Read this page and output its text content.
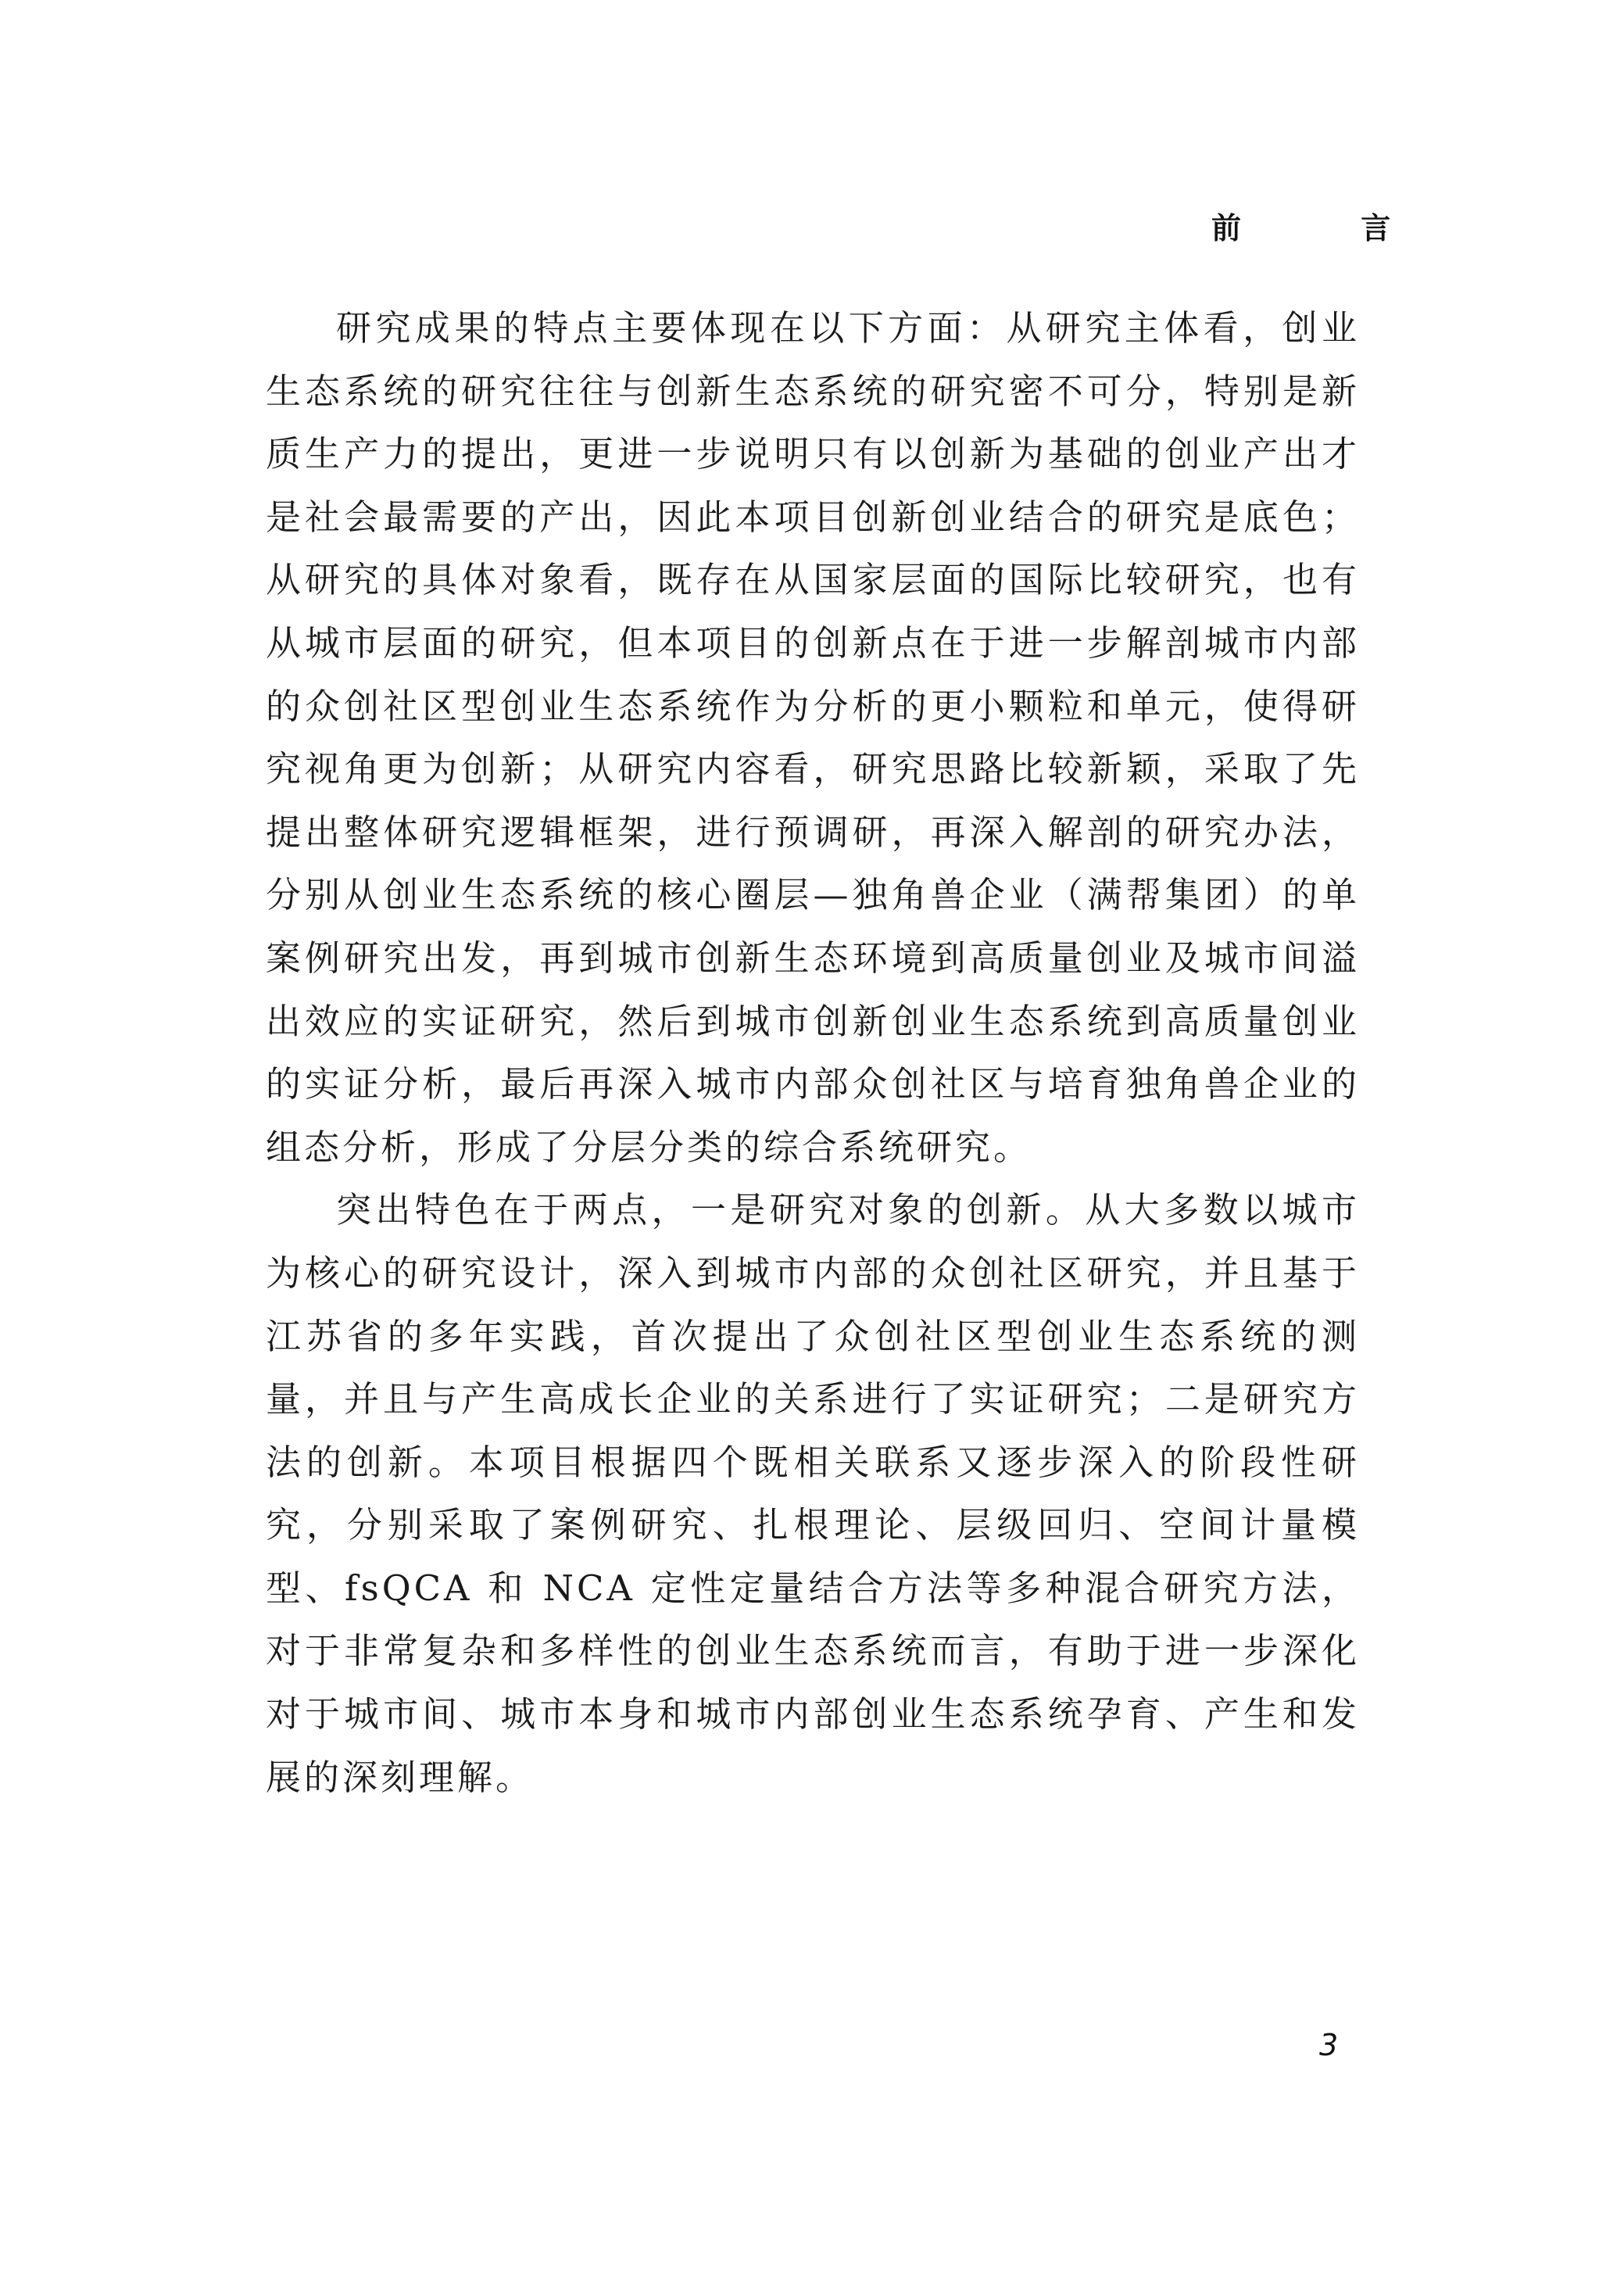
前 言

研究成果的特点主要体现在以下方面：从研究主体看，创业生态系统的研究往往与创新生态系统的研究密不可分，特别是新质生产力的提出，更进一步说明只有以创新为基础的创业产出才是社会最需要的产出，因此本项目创新创业结合的研究是底色；从研究的具体对象看，既存在从国家层面的国际比较研究，也有从城市层面的研究，但本项目的创新点在于进一步解剖城市内部的众创社区型创业生态系统作为分析的更小颗粒和单元，使得研究视角更为创新；从研究内容看，研究思路比较新颖，采取了先提出整体研究逻辑框架，进行预调研，再深入解剖的研究办法，分别从创业生态系统的核心圈层—独角兽企业（满帮集团）的单案例研究出发，再到城市创新生态环境到高质量创业及城市间溢出效应的实证研究，然后到城市创新创业生态系统到高质量创业的实证分析，最后再深入城市内部众创社区与培育独角兽企业的组态分析，形成了分层分类的综合系统研究。

突出特色在于两点，一是研究对象的创新。从大多数以城市为核心的研究设计，深入到城市内部的众创社区研究，并且基于江苏省的多年实践，首次提出了众创社区型创业生态系统的测量，并且与产生高成长企业的关系进行了实证研究；二是研究方法的创新。本项目根据四个既相关联系又逐步深入的阶段性研究，分别采取了案例研究、扎根理论、层级回归、空间计量模型、fsQCA 和 NCA 定性定量结合方法等多种混合研究方法，对于非常复杂和多样性的创业生态系统而言，有助于进一步深化对于城市间、城市本身和城市内部创业生态系统孕育、产生和发展的深刻理解。

3
